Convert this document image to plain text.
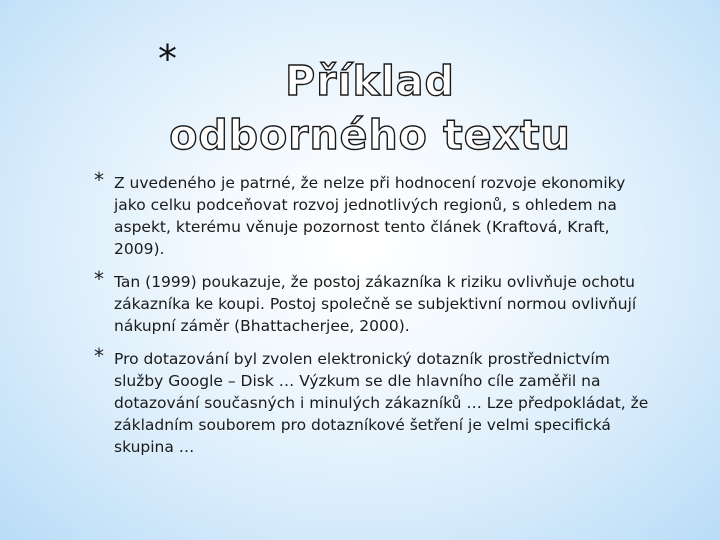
*	Příklad odborného textu
* Z uvedeného je patrné, že nelze při hodnocení rozvoje ekonomiky jako celku podceňovat rozvoj jednotlivých regionů, s ohledem na aspekt, kterému věnuje pozornost tento článek (Kraftová, Kraft, 2009).
* Tan (1999) poukazuje, že postoj zákazníka k riziku ovlivňuje ochotu zákazníka ke koupi. Postoj společně se subjektivní normou ovlivňují nákupní záměr (Bhattacherjee, 2000).
* Pro dotazování byl zvolen elektronický dotazník prostřednictvím služby Google – Disk … Výzkum se dle hlavního cíle zaměřil na dotazování současných i minulých zákazníků … Lze předpokládat, že základním souborem pro dotazníkové šetření je velmi specifická skupina …
